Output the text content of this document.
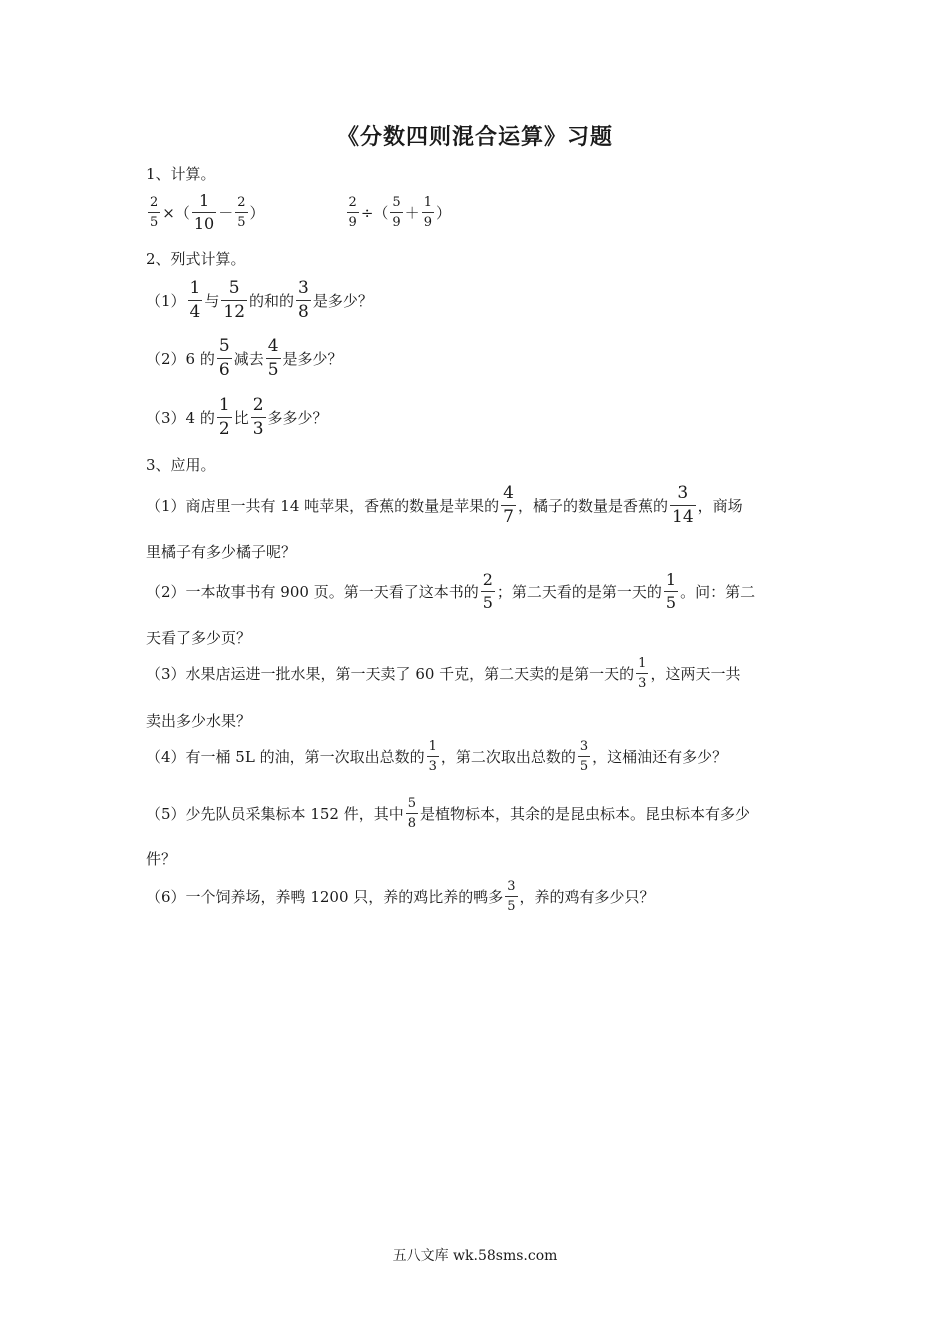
《分数四则混合运算》习题
1、计算。
$\frac{2}{5}$ ×（ $\frac{1}{10} - \frac{2}{5}$ ）	$\frac{2}{9}$ ÷（ $\frac{5}{9} + \frac{1}{9}$ ）
2、列式计算。
$(1) \frac{1}{4}$ 与 $\frac{5}{12}$ 的和的 $\frac{3}{8}$ 是多少？
（2）6 的 $\frac{5}{6}$ 减去 $\frac{4}{5}$ 是多少？
（3）4 的 $\frac{1}{2}$ 比 $\frac{2}{3}$ 多多少？
3、应用。
（1）商店里一共有 14 吨苹果，香蕉的数量是苹果的 $\frac{4}{7}$ ，橘子的数量是香蕉的 $\frac{3}{14}$ ，商场
里橘子有多少橘子呢？
（2）一本故事书有 900 页。第一天看了这本书的 $\frac{2}{5}$ ；第二天看的是第一天的 $\frac{1}{5}$ 。问：第二
天看了多少页？
（3）水果店运进一批水果，第一天卖了 60 千克，第二天卖的是第一天的 $\frac{1}{3}$ ，这两天一共
卖出多少水果？
（4）有一桶 5L 的油，第一次取出总数的 $\frac{1}{3}$ ，第二次取出总数的 $\frac{3}{5}$ ，这桶油还有多少？
（5）少先队员采集标本 152 件，其中 $\frac{5}{8}$ 是植物标本，其余的是昆虫标本。昆虫标本有多少
件？
（6）一个饲养场，养鸭 1200 只，养的鸡比养的鸭多 $\frac{3}{5}$ ，养的鸡有多少只？
五八文库 wk.58sms.com
